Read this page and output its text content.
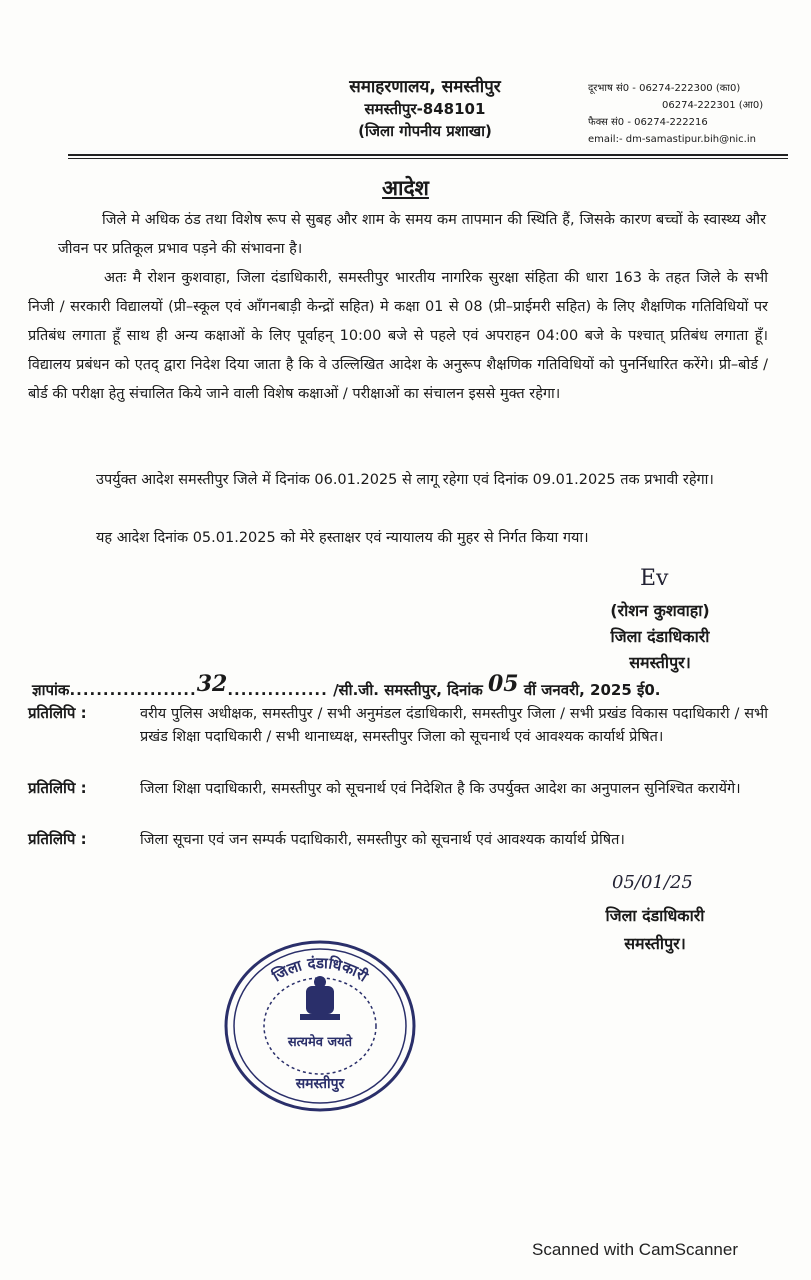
समाहरणालय, समस्तीपुर
समस्तीपुर-848101
(जिला गोपनीय प्रशाखा)
दूरभाष सं0 - 06274-222300 (का0)
06274-222301 (आ0)
फैक्स सं0 - 06274-222216
email:- dm-samastipur.bih@nic.in
आदेश
जिले मे अधिक ठंड तथा विशेष रूप से सुबह और शाम के समय कम तापमान की स्थिति हैं, जिसके कारण बच्चों के स्वास्थ्य और जीवन पर प्रतिकूल प्रभाव पड़ने की संभावना है।
अतः मै रोशन कुशवाहा, जिला दंडाधिकारी, समस्तीपुर भारतीय नागरिक सुरक्षा संहिता की धारा 163 के तहत जिले के सभी निजी / सरकारी विद्यालयों (प्री–स्कूल एवं आँगनबाड़ी केन्द्रों सहित) मे कक्षा 01 से 08 (प्री–प्राईमरी सहित) के लिए शैक्षणिक गतिविधियों पर प्रतिबंध लगाता हूँ साथ ही अन्य कक्षाओं के लिए पूर्वाहन् 10:00 बजे से पहले एवं अपराहन 04:00 बजे के पश्चात् प्रतिबंध लगाता हूँ। विद्यालय प्रबंधन को एतद् द्वारा निदेश दिया जाता है कि वे उल्लिखित आदेश के अनुरूप शैक्षणिक गतिविधियों को पुनर्निधारित करेंगे। प्री–बोर्ड / बोर्ड की परीक्षा हेतु संचालित किये जाने वाली विशेष कक्षाओं / परीक्षाओं का संचालन इससे मुक्त रहेगा।
उपर्युक्त आदेश समस्तीपुर जिले में दिनांक 06.01.2025 से लागू रहेगा एवं दिनांक 09.01.2025 तक प्रभावी रहेगा।
यह आदेश दिनांक 05.01.2025 को मेरे हस्ताक्षर एवं न्यायालय की मुहर से निर्गत किया गया।
Ev
(रोशन कुशवाहा)
जिला दंडाधिकारी
समस्तीपुर।
ज्ञापांक...................32............... /सी.जी. समस्तीपुर, दिनांक 05 वीं जनवरी, 2025 ई0.
प्रतिलिपि :	वरीय पुलिस अधीक्षक, समस्तीपुर / सभी अनुमंडल दंडाधिकारी, समस्तीपुर जिला / सभी प्रखंड विकास पदाधिकारी / सभी प्रखंड शिक्षा पदाधिकारी / सभी थानाध्यक्ष, समस्तीपुर जिला को सूचनार्थ एवं आवश्यक कार्यार्थ प्रेषित।
प्रतिलिपि :	जिला शिक्षा पदाधिकारी, समस्तीपुर को सूचनार्थ एवं निदेशित है कि उपर्युक्त आदेश का अनुपालन सुनिश्चित करायेंगे।
प्रतिलिपि :	जिला सूचना एवं जन सम्पर्क पदाधिकारी, समस्तीपुर को सूचनार्थ एवं आवश्यक कार्यार्थ प्रेषित।
05/01/25
जिला दंडाधिकारी
समस्तीपुर।
जिला दंडाधिकारी
सत्यमेव जयते
समस्तीपुर
Scanned with CamScanner
